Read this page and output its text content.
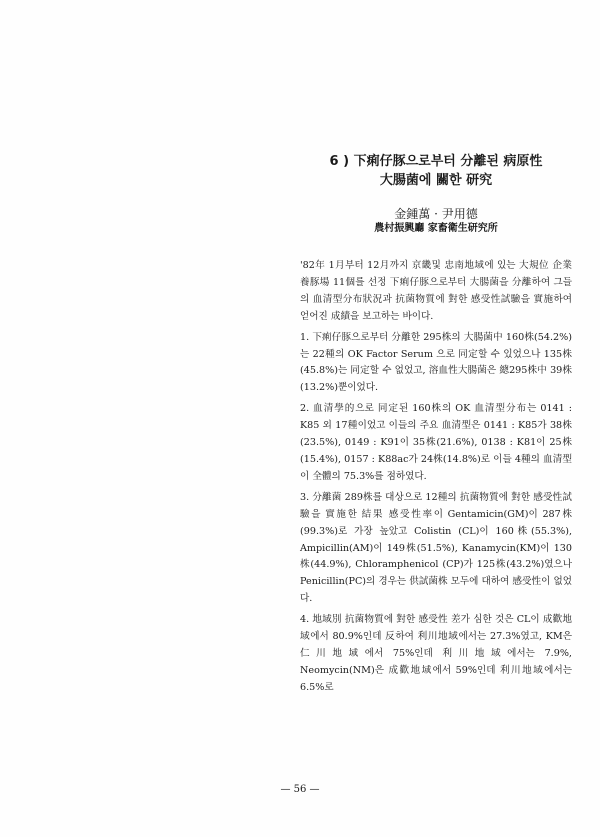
6 ) 下痢仔豚으로부터 分離된 病原性

大腸菌에 關한 研究

金鍾萬 · 尹用德
農村振興廳 家畜衛生研究所

'82年 1月부터 12月까지 京畿및 忠南地域에 있는 大規位 企業養豚場 11個를 선정 下痢仔豚으로부터 大腸菌을 分離하여 그들의 血清型分布狀況과 抗菌物質에 對한 感受性試驗을 實施하여 얻어진 成績을 보고하는 바이다.

1. 下痢仔豚으로부터 分離한 295株의 大腸菌中 160株(54.2%)는 22種의 OK Factor Serum 으로 同定할 수 있었으나 135株(45.8%)는 同定할 수 없었고, 溶血性大腸菌은 總295株中 39株(13.2%)뿐이었다.

2. 血清學的으로 同定된 160株의 OK 血清型分布는 0141 : K85 외 17種이었고 이들의 주요 血清型은 0141 : K85가 38株(23.5%), 0149 : K91이 35株(21.6%), 0138 : K81이 25株(15.4%), 0157 : K88ac가 24株(14.8%)로 이들 4種의 血清型이 全體의 75.3%를 점하였다.

3. 分離菌 289株를 대상으로 12種의 抗菌物質에 對한 感受性試驗을 實施한 結果 感受性率이 Gentamicin(GM)이 287株(99.3%)로 가장 높았고 Colistin (CL)이 160株(55.3%), Ampicillin(AM)이 149株(51.5%), Kanamycin(KM)이 130株(44.9%), Chloramphenicol (CP)가 125株(43.2%)였으나 Penicillin(PC)의 경우는 供試菌株 모두에 대하여 感受性이 없었다.

4. 地域別 抗菌物質에 對한 感受性 差가 심한 것은 CL이 成歡地域에서 80.9%인데 反하여 利川地域에서는 27.3%였고, KM은 仁川地域에서 75%인데 利川地域에서는 7.9%, Neomycin(NM)은 成歡地域에서 59%인데 利川地域에서는 6.5%로

— 56 —
